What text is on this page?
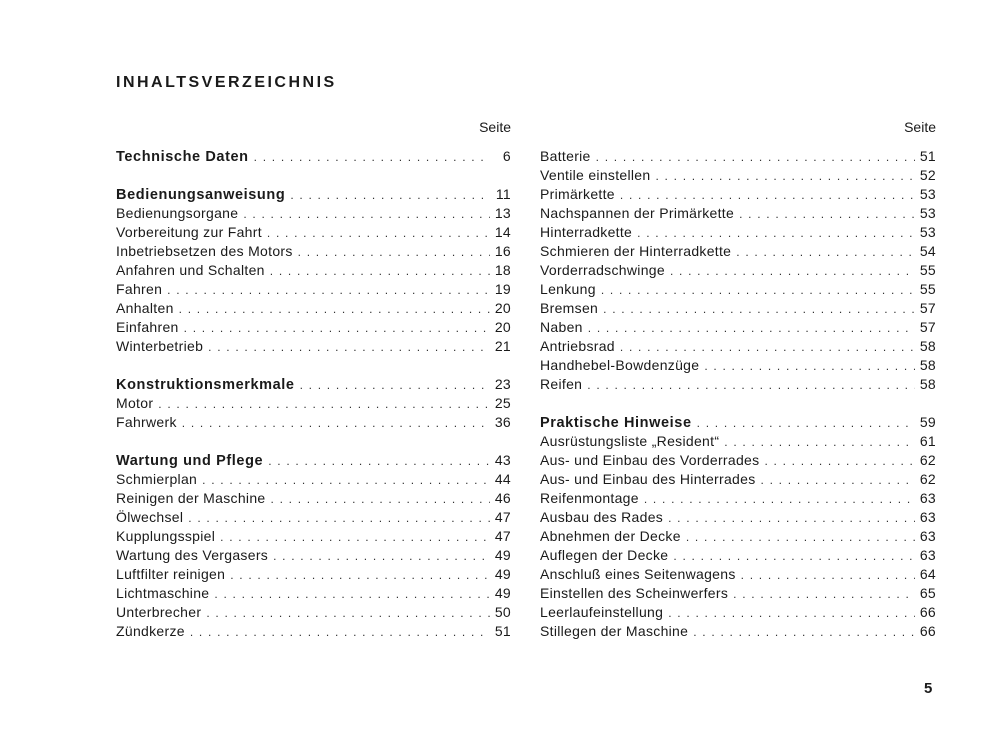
INHALTSVERZEICHNIS
Seite
Technische Daten . . .	6
Bedienungsanweisung . . .	11
Bedienungsorgane . . .	13
Vorbereitung zur Fahrt . . .	14
Inbetriebsetzen des Motors . . .	16
Anfahren und Schalten . . .	18
Fahren . . .	19
Anhalten . . .	20
Einfahren . . .	20
Winterbetrieb . . .	21
Konstruktionsmerkmale . . .	23
Motor . . .	25
Fahrwerk . . .	36
Wartung und Pflege . . .	43
Schmierplan . . .	44
Reinigen der Maschine . . .	46
Ölwechsel . . .	47
Kupplungsspiel . . .	47
Wartung des Vergasers . . .	49
Luftfilter reinigen . . .	49
Lichtmaschine . . .	49
Unterbrecher . . .	50
Zündkerze . . .	51
Seite
Batterie . . .	51
Ventile einstellen . . .	52
Primärkette . . .	53
Nachspannen der Primärkette . . .	53
Hinterradkette . . .	53
Schmieren der Hinterradkette . . .	54
Vorderradschwinge . . .	55
Lenkung . . .	55
Bremsen . . .	57
Naben . . .	57
Antriebsrad . . .	58
Handhebel-Bowdenzüge . . .	58
Reifen . . .	58
Praktische Hinweise . . .	59
Ausrüstungsliste „Resident“ . . .	61
Aus- und Einbau des Vorderrades . . .	62
Aus- und Einbau des Hinterrades . . .	62
Reifenmontage . . .	63
Ausbau des Rades . . .	63
Abnehmen der Decke . . .	63
Auflegen der Decke . . .	63
Anschluß eines Seitenwagens . . .	64
Einstellen des Scheinwerfers . . .	65
Leerlaufeinstellung . . .	66
Stillegen der Maschine . . .	66
5
